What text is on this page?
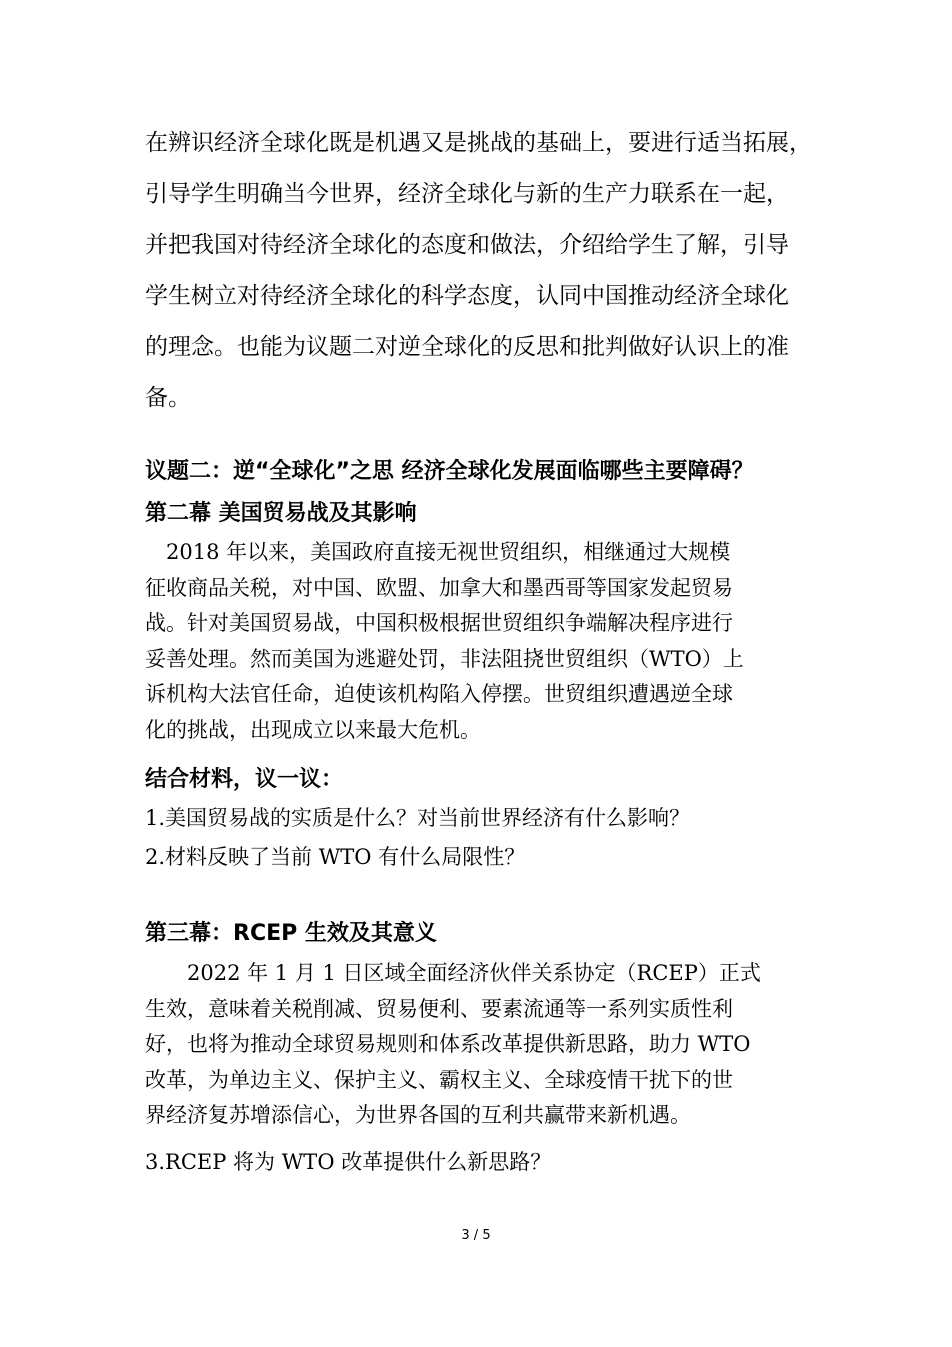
在辨识经济全球化既是机遇又是挑战的基础上，要进行适当拓展，

引导学生明确当今世界，经济全球化与新的生产力联系在一起，

并把我国对待经济全球化的态度和做法，介绍给学生了解，引导

学生树立对待经济全球化的科学态度，认同中国推动经济全球化

的理念。也能为议题二对逆全球化的反思和批判做好认识上的准

备。

议题二：逆“全球化”之思 经济全球化发展面临哪些主要障碍？
第二幕 美国贸易战及其影响

　2018 年以来，美国政府直接无视世贸组织，相继通过大规模

征收商品关税，对中国、欧盟、加拿大和墨西哥等国家发起贸易

战。针对美国贸易战，中国积极根据世贸组织争端解决程序进行

妥善处理。然而美国为逃避处罚，非法阻挠世贸组织（WTO）上

诉机构大法官任命，迫使该机构陷入停摆。世贸组织遭遇逆全球

化的挑战，出现成立以来最大危机。

结合材料，议一议：

1.美国贸易战的实质是什么？对当前世界经济有什么影响？

2.材料反映了当前 WTO 有什么局限性？

第三幕：RCEP 生效及其意义

　　2022 年 1 月 1 日区域全面经济伙伴关系协定（RCEP）正式

生效，意味着关税削减、贸易便利、要素流通等一系列实质性利

好，也将为推动全球贸易规则和体系改革提供新思路，助力 WTO

改革，为单边主义、保护主义、霸权主义、全球疫情干扰下的世

界经济复苏增添信心，为世界各国的互利共赢带来新机遇。

3.RCEP 将为 WTO 改革提供什么新思路？

3 / 5
